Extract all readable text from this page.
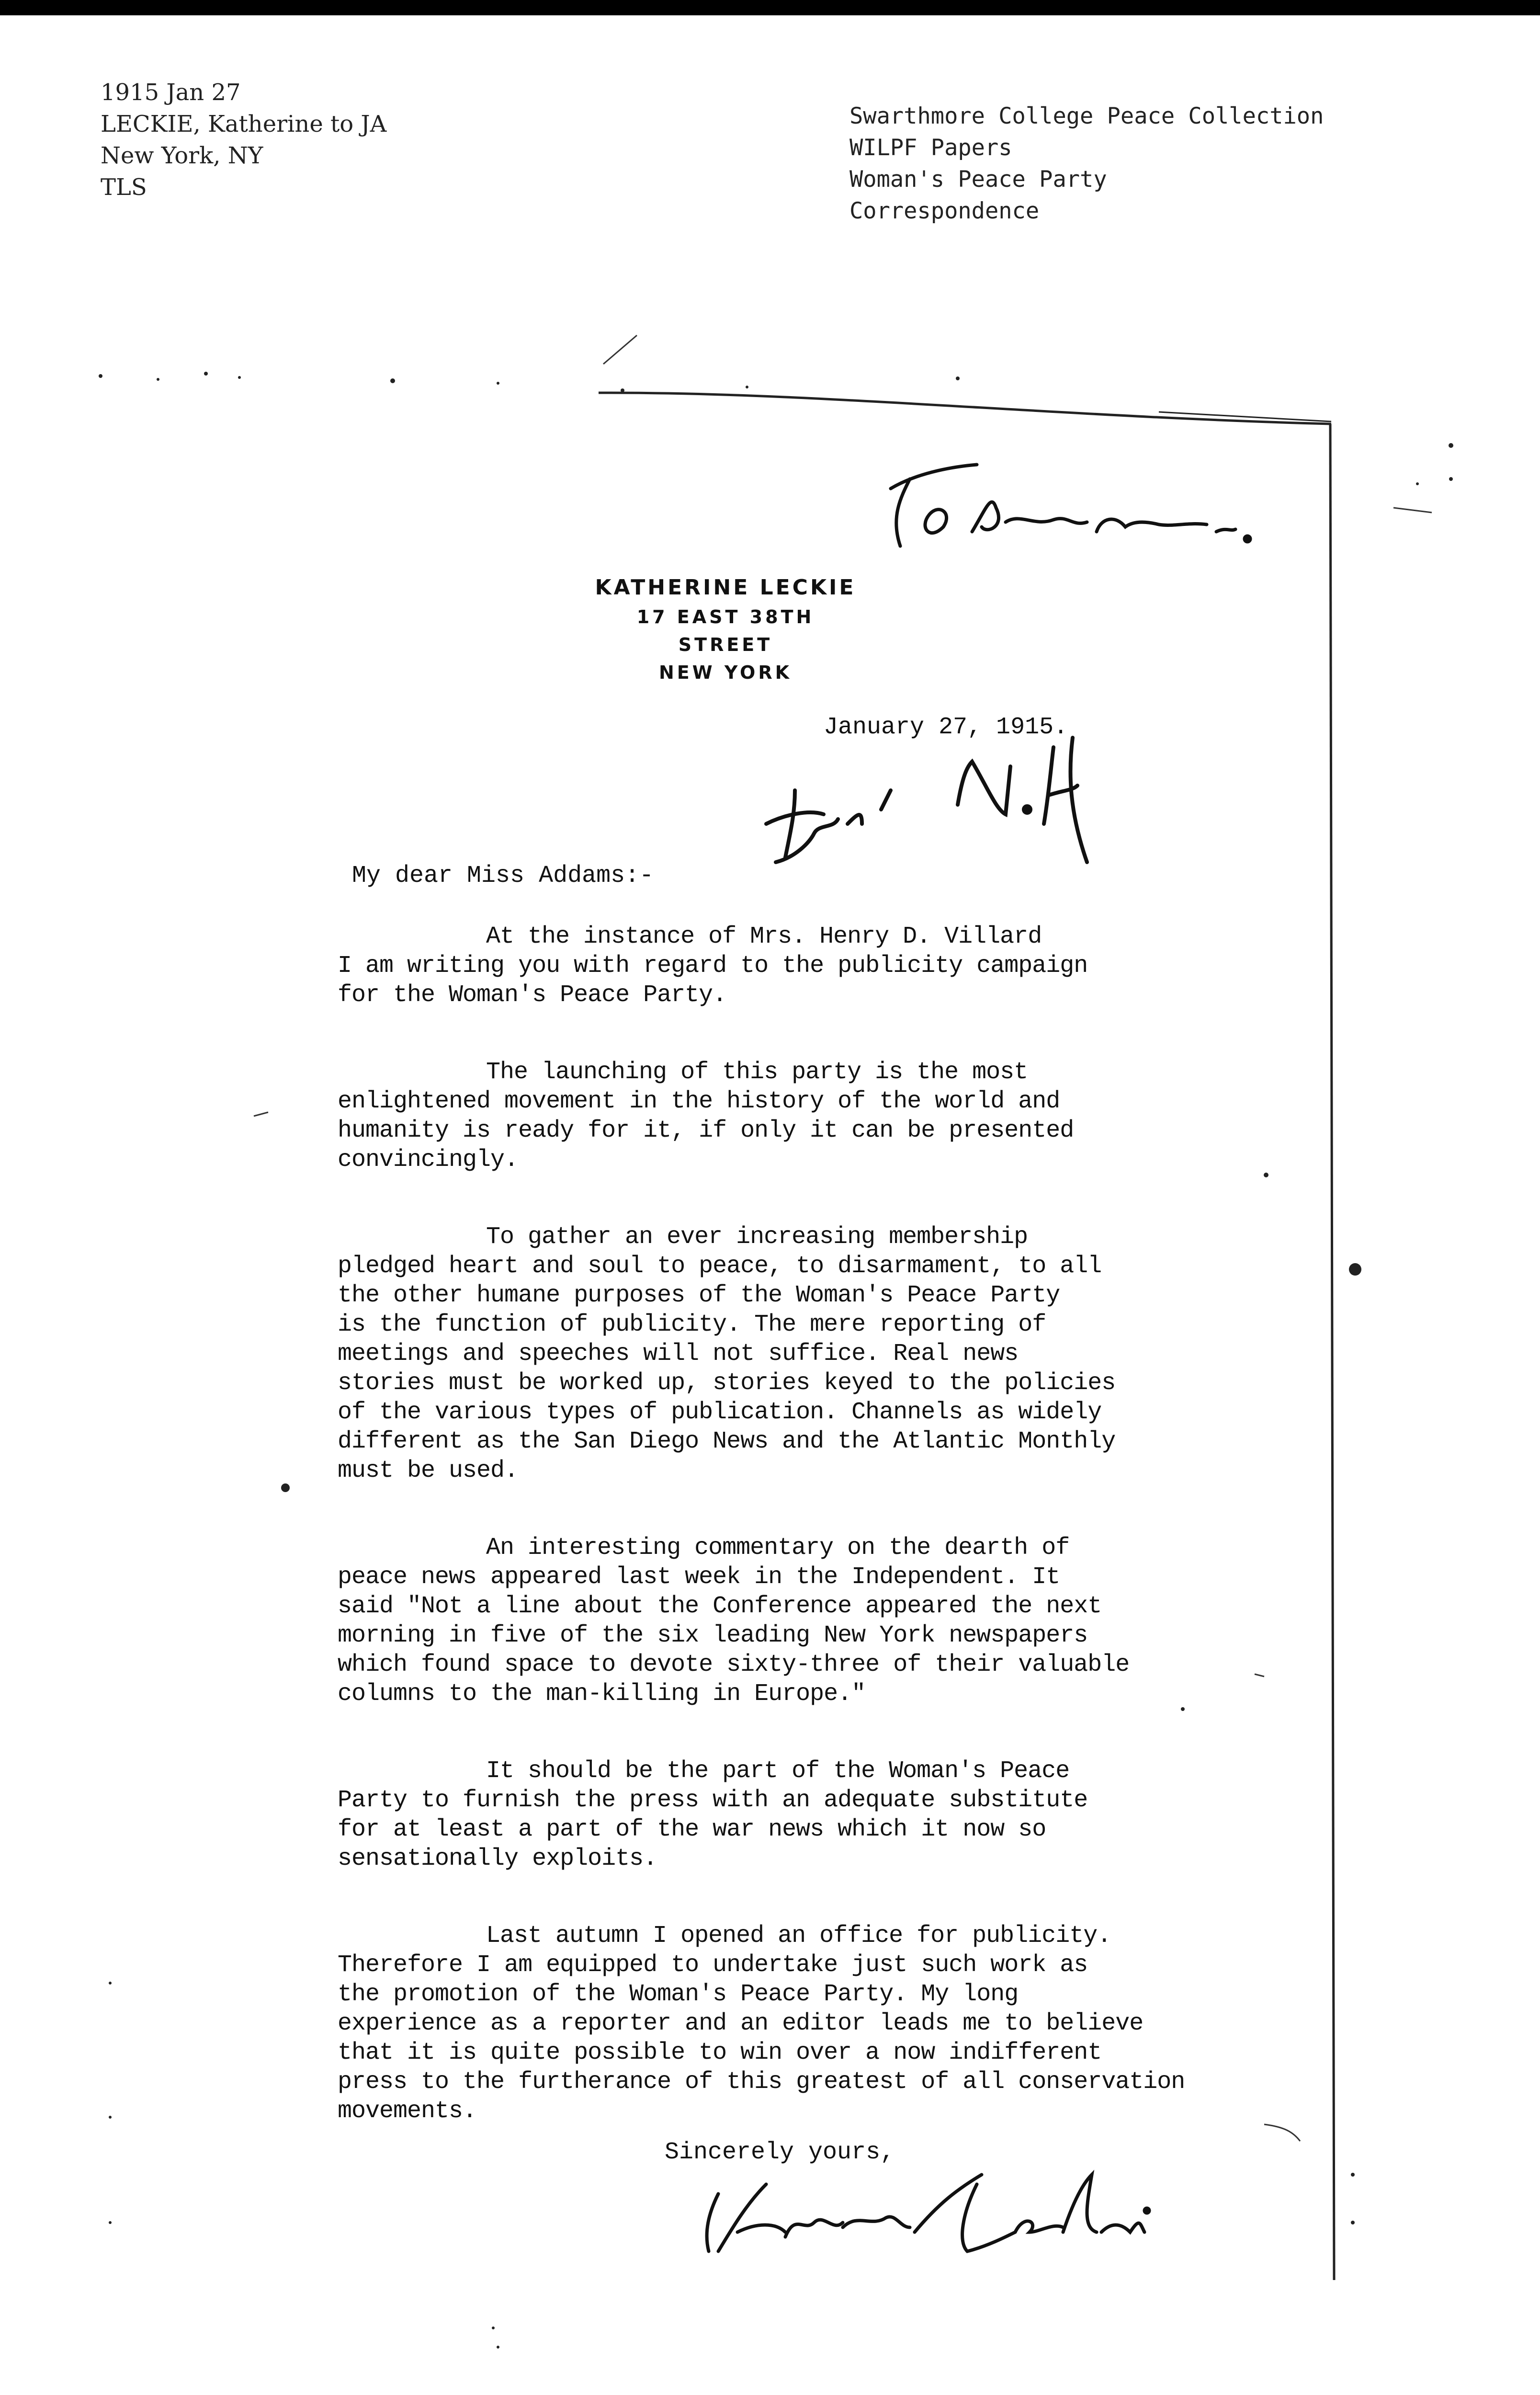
1915 Jan 27
LECKIE, Katherine to JA
New York, NY
TLS
Swarthmore College Peace Collection
WILPF Papers
Woman's Peace Party
Correspondence
KATHERINE LECKIE
17 EAST 38TH STREET
NEW YORK
January 27, 1915.
My dear Miss Addams:-
At the instance of Mrs. Henry D. Villard
I am writing you with regard to the publicity campaign
for the Woman's Peace Party.
The launching of this party is the most
enlightened movement in the history of the world and
humanity is ready for it, if only it can be presented
convincingly.
To gather an ever increasing membership
pledged heart and soul to peace, to disarmament, to all
the other humane purposes of the Woman's Peace Party
is the function of publicity. The mere reporting of
meetings and speeches will not suffice. Real news
stories must be worked up, stories keyed to the policies
of the various types of publication. Channels as widely
different as the San Diego News and the Atlantic Monthly
must be used.
An interesting commentary on the dearth of
peace news appeared last week in the Independent. It
said "Not a line about the Conference appeared the next
morning in five of the six leading New York newspapers
which found space to devote sixty-three of their valuable
columns to the man-killing in Europe."
It should be the part of the Woman's Peace
Party to furnish the press with an adequate substitute
for at least a part of the war news which it now so
sensationally exploits.
Last autumn I opened an office for publicity.
Therefore I am equipped to undertake just such work as
the promotion of the Woman's Peace Party. My long
experience as a reporter and an editor leads me to believe
that it is quite possible to win over a now indifferent
press to the furtherance of this greatest of all conservation
movements.
Sincerely yours,
